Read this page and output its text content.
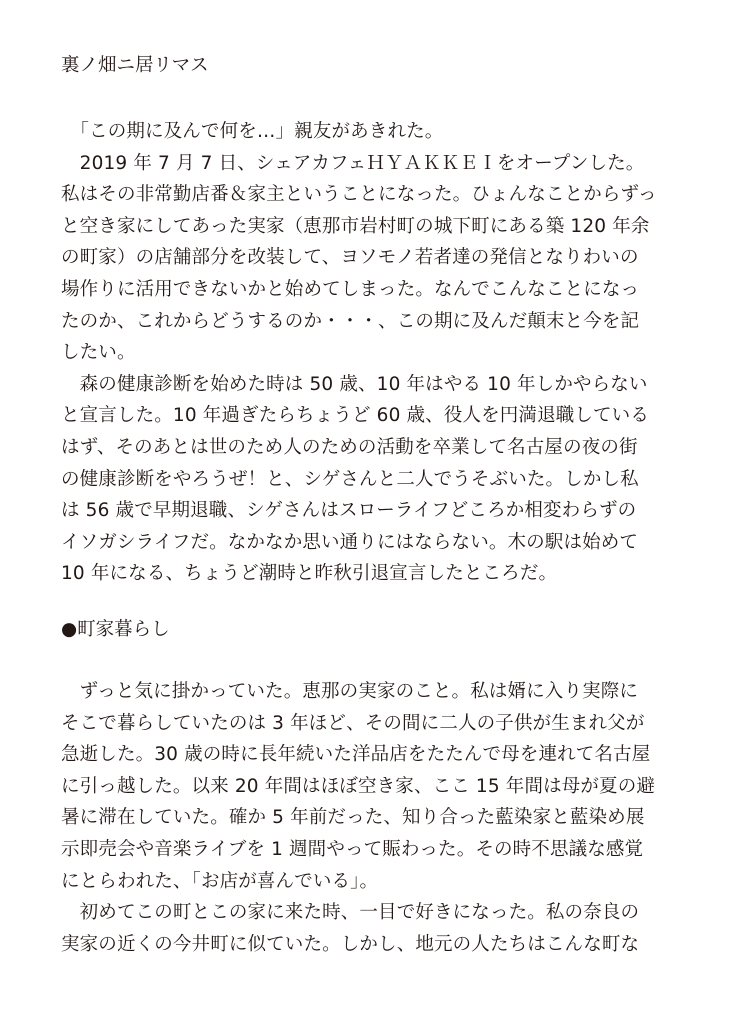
裏ノ畑ニ居リマス

　「この期に及んで何を…」親友があきれた。
　2019 年 7 月 7 日、シェアカフェＨＹＡＫＫＥＩをオープンした。
私はその非常勤店番＆家主ということになった。ひょんなことからずっ
と空き家にしてあった実家（恵那市岩村町の城下町にある築 120 年余
の町家）の店舗部分を改装して、ヨソモノ若者達の発信となりわいの
場作りに活用できないかと始めてしまった。なんでこんなことになっ
たのか、これからどうするのか・・・、この期に及んだ顛末と今を記
したい。
　森の健康診断を始めた時は 50 歳、10 年はやる 10 年しかやらない
と宣言した。10 年過ぎたらちょうど 60 歳、役人を円満退職している
はず、そのあとは世のため人のための活動を卒業して名古屋の夜の街
の健康診断をやろうぜ！と、シゲさんと二人でうそぶいた。しかし私
は 56 歳で早期退職、シゲさんはスローライフどころか相変わらずの
イソガシライフだ。なかなか思い通りにはならない。木の駅は始めて
10 年になる、ちょうど潮時と昨秋引退宣言したところだ。

●町家暮らし

　ずっと気に掛かっていた。恵那の実家のこと。私は婿に入り実際に
そこで暮らしていたのは 3 年ほど、その間に二人の子供が生まれ父が
急逝した。30 歳の時に長年続いた洋品店をたたんで母を連れて名古屋
に引っ越した。以来 20 年間はほぼ空き家、ここ 15 年間は母が夏の避
暑に滞在していた。確か 5 年前だった、知り合った藍染家と藍染め展
示即売会や音楽ライブを 1 週間やって賑わった。その時不思議な感覚
にとらわれた、「お店が喜んでいる」。
　初めてこの町とこの家に来た時、一目で好きになった。私の奈良の
実家の近くの今井町に似ていた。しかし、地元の人たちはこんな町な
